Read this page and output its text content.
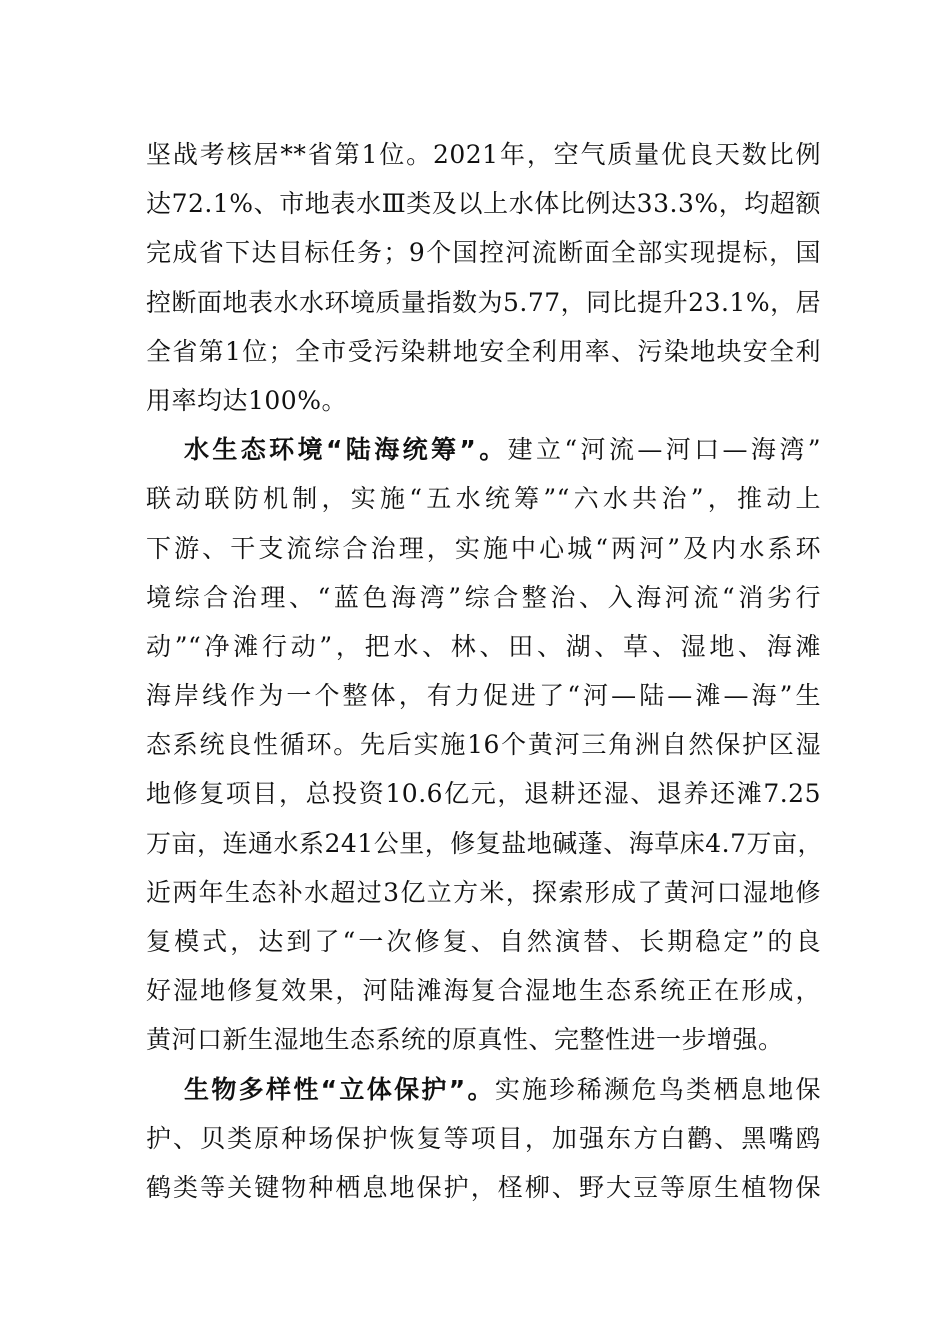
坚战考核居**省第1位。2021年，空气质量优良天数比例
达72.1%、市地表水Ⅲ类及以上水体比例达33.3%，均超额
完成省下达目标任务；9个国控河流断面全部实现提标，国
控断面地表水水环境质量指数为5.77，同比提升23.1%，居
全省第1位；全市受污染耕地安全利用率、污染地块安全利
用率均达100%。
水生态环境“陆海统筹”。建立“河流—河口—海湾”
联动联防机制，实施“五水统筹”“六水共治”，推动上
下游、干支流综合治理，实施中心城“两河”及内水系环
境综合治理、“蓝色海湾”综合整治、入海河流“消劣行
动”“净滩行动”，把水、林、田、湖、草、湿地、海滩
海岸线作为一个整体，有力促进了“河—陆—滩—海”生
态系统良性循环。先后实施16个黄河三角洲自然保护区湿
地修复项目，总投资10.6亿元，退耕还湿、退养还滩7.25
万亩，连通水系241公里，修复盐地碱蓬、海草床4.7万亩，
近两年生态补水超过3亿立方米，探索形成了黄河口湿地修
复模式，达到了“一次修复、自然演替、长期稳定”的良
好湿地修复效果，河陆滩海复合湿地生态系统正在形成，
黄河口新生湿地生态系统的原真性、完整性进一步增强。
生物多样性“立体保护”。实施珍稀濒危鸟类栖息地保
护、贝类原种场保护恢复等项目，加强东方白鹳、黑嘴鸥
鹤类等关键物种栖息地保护，柽柳、野大豆等原生植物保
